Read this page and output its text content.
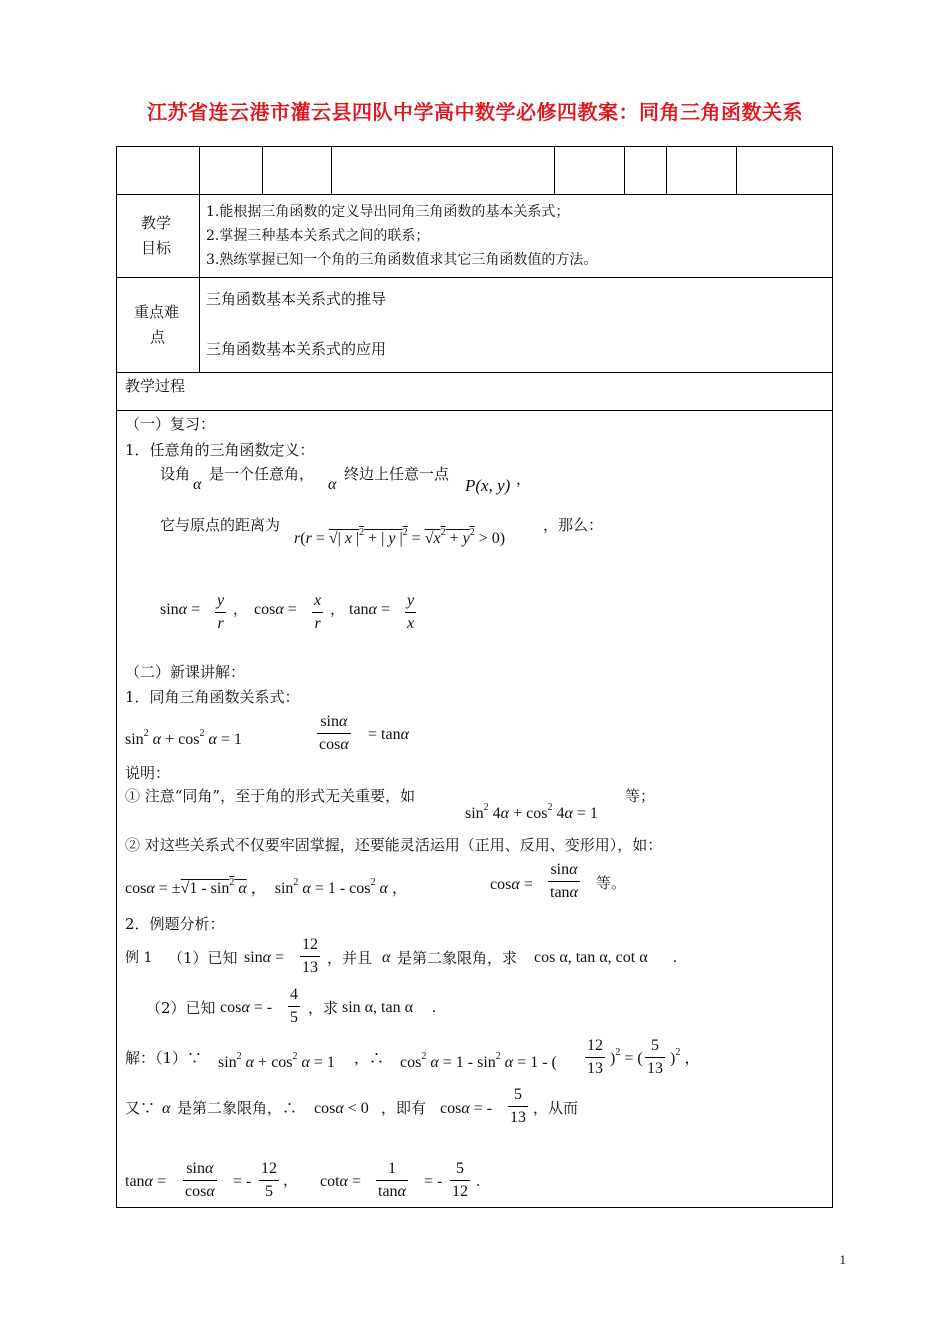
江苏省连云港市灌云县四队中学高中数学必修四教案：同角三角函数关系
教学
目标
1.能根据三角函数的定义导出同角三角函数的基本关系式；
2.掌握三种基本关系式之间的联系；
3.熟练掌握已知一个角的三角函数值求其它三角函数值的方法。
重点难
点
三角函数基本关系式的推导
三角函数基本关系式的应用
教学过程
（一）复习：
1．任意角的三角函数定义：
设角
α
是一个任意角，
α
终边上任意一点
P(x, y) ，
它与原点的距离为
r(r = √| x $|^2$ + | y $|^2 = √x^2 + y^2 > 0$)
，那么：
sinα =
y
r
， cosα =
x
r
， tanα =
y
x
（二）新课讲解：
1．同角三角函数关系式：
$\sin^2 \alpha + \cos^2 \alpha = 1$
sinα
cosα
= tanα
说明：
① 注意“同角”，至于角的形式无关重要，如
$\sin^2 4\alpha + \cos^2 4\alpha = 1$
等；
② 对这些关系式不仅要牢固掌握，还要能灵活运用（正用、反用、变形用），如：
$\cos\alpha = \pm√1 - \sin^2 \alpha$ ，  $\sin^2 \alpha = 1 - \cos^2 \alpha$ ，	cosα =
sinα
tanα
等。
2．例题分析：
例 1 （1）已知 sinα =
12
13
，并且 α 是第二象限角，求 cos α, tan α, cot α .
（2）已知 cosα = -
4
5
，求 sin α, tan α .
解：（1）∵ $\sin^2 \alpha + \cos^2 \alpha = 1$ ，∴ $\cos^2 \alpha = 1 - \sin^2 \alpha = 1$ - (
12
13
)$^2$ = (
5
13
)$^2$ ，
又∵ α 是第二象限角，∴ cosα < 0 ，即有 cosα = -
5
13
，从而
tanα =
sinα
cosα
= -
12
5
， cotα =
1
tanα
= -
5
12
.
1
